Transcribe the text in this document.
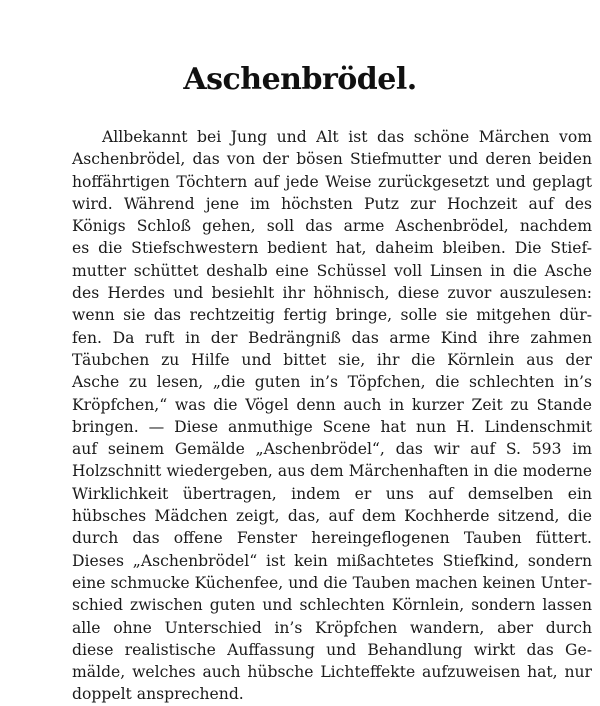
Aschenbrödel.
Allbekannt bei Jung und Alt ist das schöne Märchen vom
Aschenbrödel, das von der bösen Stiefmutter und deren beiden
hoffährtigen Töchtern auf jede Weise zurückgesetzt und geplagt
wird. Während jene im höchsten Putz zur Hochzeit auf des
Königs Schloß gehen, soll das arme Aschenbrödel, nachdem
es die Stiefschwestern bedient hat, daheim bleiben. Die Stief-
mutter schüttet deshalb eine Schüssel voll Linsen in die Asche
des Herdes und besiehlt ihr höhnisch, diese zuvor auszulesen:
wenn sie das rechtzeitig fertig bringe, solle sie mitgehen dür-
fen. Da ruft in der Bedrängniß das arme Kind ihre zahmen
Täubchen zu Hilfe und bittet sie, ihr die Körnlein aus der
Asche zu lesen, „die guten in’s Töpfchen, die schlechten in’s
Kröpfchen,“ was die Vögel denn auch in kurzer Zeit zu Stande
bringen. — Diese anmuthige Scene hat nun H. Lindenschmit
auf seinem Gemälde „Aschenbrödel“, das wir auf S. 593 im
Holzschnitt wiedergeben, aus dem Märchenhaften in die moderne
Wirklichkeit übertragen, indem er uns auf demselben ein
hübsches Mädchen zeigt, das, auf dem Kochherde sitzend, die
durch das offene Fenster hereingeflogenen Tauben füttert.
Dieses „Aschenbrödel“ ist kein mißachtetes Stiefkind, sondern
eine schmucke Küchenfee, und die Tauben machen keinen Unter-
schied zwischen guten und schlechten Körnlein, sondern lassen
alle ohne Unterschied in’s Kröpfchen wandern, aber durch
diese realistische Auffassung und Behandlung wirkt das Ge-
mälde, welches auch hübsche Lichteffekte aufzuweisen hat, nur
doppelt ansprechend.
